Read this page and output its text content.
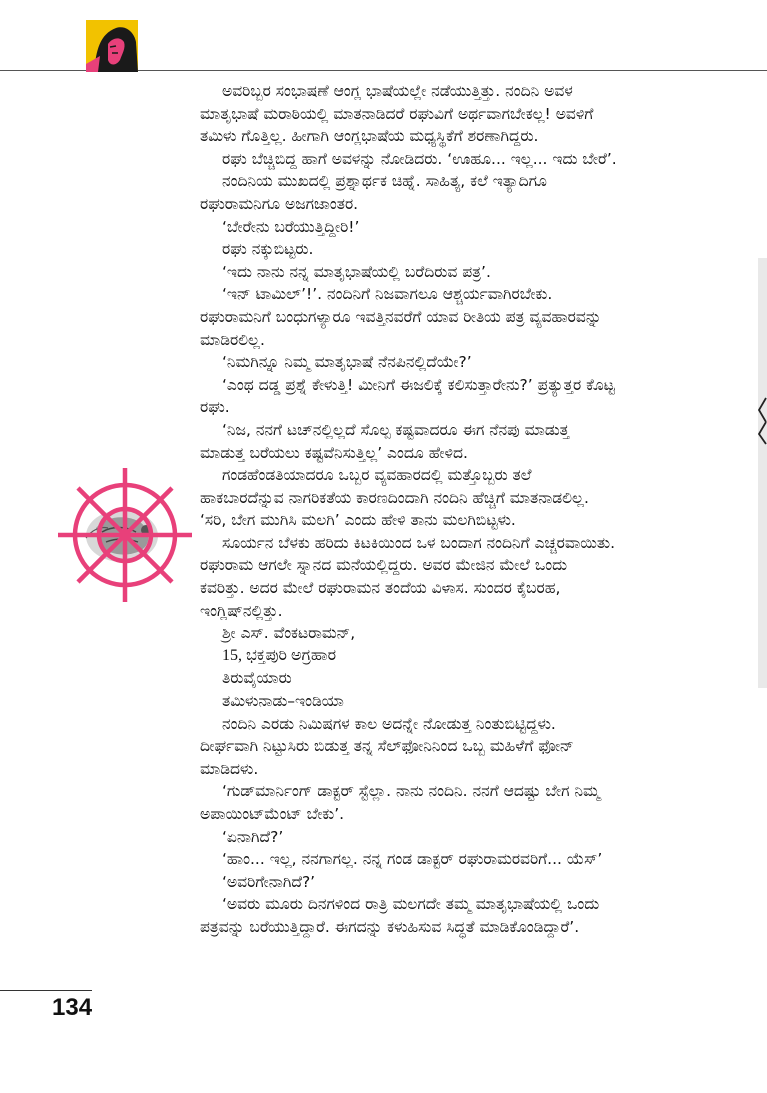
ಅವರಿಬ್ಬರ ಸಂಭಾಷಣೆ ಆಂಗ್ಲ ಭಾಷೆಯಲ್ಲೇ ನಡೆಯುತ್ತಿತ್ತು. ನಂದಿನಿ ಅವಳ
ಮಾತೃಭಾಷೆ ಮರಾಠಿಯಲ್ಲಿ ಮಾತನಾಡಿದರೆ ರಘುವಿಗೆ ಅರ್ಥವಾಗಬೇಕಲ್ಲ! ಅವಳಿಗೆ
ತಮಿಳು ಗೊತ್ತಿಲ್ಲ. ಹೀಗಾಗಿ ಆಂಗ್ಲಭಾಷೆಯ ಮಧ್ಯಸ್ಥಿಕೆಗೆ ಶರಣಾಗಿದ್ದರು.
ರಘು ಬೆಚ್ಚಿಬಿದ್ದ ಹಾಗೆ ಅವಳನ್ನು ನೋಡಿದರು. ‘ಊಹೂ... ಇಲ್ಲ... ಇದು ಬೇರೆ’.
ನಂದಿನಿಯ ಮುಖದಲ್ಲಿ ಪ್ರಶ್ನಾರ್ಥಕ ಚಿಹ್ನೆ. ಸಾಹಿತ್ಯ, ಕಲೆ ಇತ್ಯಾದಿಗೂ
ರಘುರಾಮನಿಗೂ ಅಜಗಜಾಂತರ.
‘ಬೇರೇನು ಬರೆಯುತ್ತಿದ್ದೀರಿ!’
ರಘು ನಕ್ಕುಬಿಟ್ಟರು.
‘ಇದು ನಾನು ನನ್ನ ಮಾತೃಭಾಷೆಯಲ್ಲಿ ಬರೆದಿರುವ ಪತ್ರ’.
‘ಇನ್ ಟಾಮಿಲ್’!’. ನಂದಿನಿಗೆ ನಿಜವಾಗಲೂ ಆಶ್ಚರ್ಯವಾಗಿರಬೇಕು.
ರಘುರಾಮನಿಗೆ ಬಂಧುಗಳ್ಯಾರೂ ಇವತ್ತಿನವರೆಗೆ ಯಾವ ರೀತಿಯ ಪತ್ರ ವ್ಯವಹಾರವನ್ನು
ಮಾಡಿರಲಿಲ್ಲ.
‘ನಿಮಗಿನ್ನೂ ನಿಮ್ಮ ಮಾತೃಭಾಷೆ ನೆನಪಿನಲ್ಲಿದೆಯೇ?’
‘ಎಂಥ ದಡ್ಡ ಪ್ರಶ್ನೆ ಕೇಳುತ್ತಿ! ಮೀನಿಗೆ ಈಜಲಿಕ್ಕೆ ಕಲಿಸುತ್ತಾರೇನು?’ ಪ್ರತ್ಯುತ್ತರ ಕೊಟ್ಟ
ರಘು.
‘ನಿಜ, ನನಗೆ ಟಚ್‌ನಲ್ಲಿಲ್ಲದೆ ಸೊಲ್ಪ ಕಷ್ಟವಾದರೂ ಈಗ ನೆನಪು ಮಾಡುತ್ತ
ಮಾಡುತ್ತ ಬರೆಯಲು ಕಷ್ಟವೆನಿಸುತ್ತಿಲ್ಲ’ ಎಂದೂ ಹೇಳಿದ.
ಗಂಡಹೆಂಡತಿಯಾದರೂ ಒಬ್ಬರ ವ್ಯವಹಾರದಲ್ಲಿ ಮತ್ತೊಬ್ಬರು ತಲೆ
ಹಾಕಬಾರದೆನ್ನುವ ನಾಗರಿಕತೆಯ ಕಾರಣದಿಂದಾಗಿ ನಂದಿನಿ ಹೆಚ್ಚಿಗೆ ಮಾತನಾಡಲಿಲ್ಲ.
‘ಸರಿ, ಬೇಗ ಮುಗಿಸಿ ಮಲಗಿ’ ಎಂದು ಹೇಳಿ ತಾನು ಮಲಗಿಬಿಟ್ಟಳು.
ಸೂರ್ಯನ ಬೆಳಕು ಹರಿದು ಕಿಟಕಿಯಿಂದ ಒಳ ಬಂದಾಗ ನಂದಿನಿಗೆ ಎಚ್ಚರವಾಯಿತು.
ರಘುರಾಮ ಆಗಲೇ ಸ್ನಾನದ ಮನೆಯಲ್ಲಿದ್ದರು. ಅವರ ಮೇಜಿನ ಮೇಲೆ ಒಂದು
ಕವರಿತ್ತು. ಅದರ ಮೇಲೆ ರಘುರಾಮನ ತಂದೆಯ ವಿಳಾಸ. ಸುಂದರ ಕೈಬರಹ,
ಇಂಗ್ಲಿಷ್‌ನಲ್ಲಿತ್ತು.
ಶ್ರೀ ಎಸ್. ವೆಂಕಟರಾಮನ್,
15, ಭಕ್ತಪುರಿ ಅಗ್ರಹಾರ
ತಿರುವೈಯಾರು
ತಮಿಳುನಾಡು–ಇಂಡಿಯಾ
ನಂದಿನಿ ಎರಡು ನಿಮಿಷಗಳ ಕಾಲ ಅದನ್ನೇ ನೋಡುತ್ತ ನಿಂತುಬಿಟ್ಟಿದ್ದಳು.
ದೀರ್ಘವಾಗಿ ನಿಟ್ಟುಸಿರು ಬಿಡುತ್ತ ತನ್ನ ಸೆಲ್‌ಫೋನಿನಿಂದ ಒಬ್ಬ ಮಹಿಳೆಗೆ ಫೋನ್
ಮಾಡಿದಳು.
‘ಗುಡ್‌ಮಾರ್ನಿಂಗ್ ಡಾಕ್ಟರ್ ಸ್ಟೆಲ್ಲಾ. ನಾನು ನಂದಿನಿ. ನನಗೆ ಆದಷ್ಟು ಬೇಗ ನಿಮ್ಮ
ಅಪಾಯಿಂಟ್‌ಮೆಂಟ್ ಬೇಕು’.
‘ಏನಾಗಿದೆ?’
‘ಹಾಂ... ಇಲ್ಲ, ನನಗಾಗಲ್ಲ. ನನ್ನ ಗಂಡ ಡಾಕ್ಟರ್ ರಘುರಾಮರವರಿಗೆ... ಯೆಸ್’
‘ಅವರಿಗೇನಾಗಿದೆ?’
‘ಅವರು ಮೂರು ದಿನಗಳಿಂದ ರಾತ್ರಿ ಮಲಗದೇ ತಮ್ಮ ಮಾತೃಭಾಷೆಯಲ್ಲಿ ಒಂದು
ಪತ್ರವನ್ನು ಬರೆಯುತ್ತಿದ್ದಾರೆ. ಈಗದನ್ನು ಕಳುಹಿಸುವ ಸಿದ್ಧತೆ ಮಾಡಿಕೊಂಡಿದ್ದಾರೆ’.
134
